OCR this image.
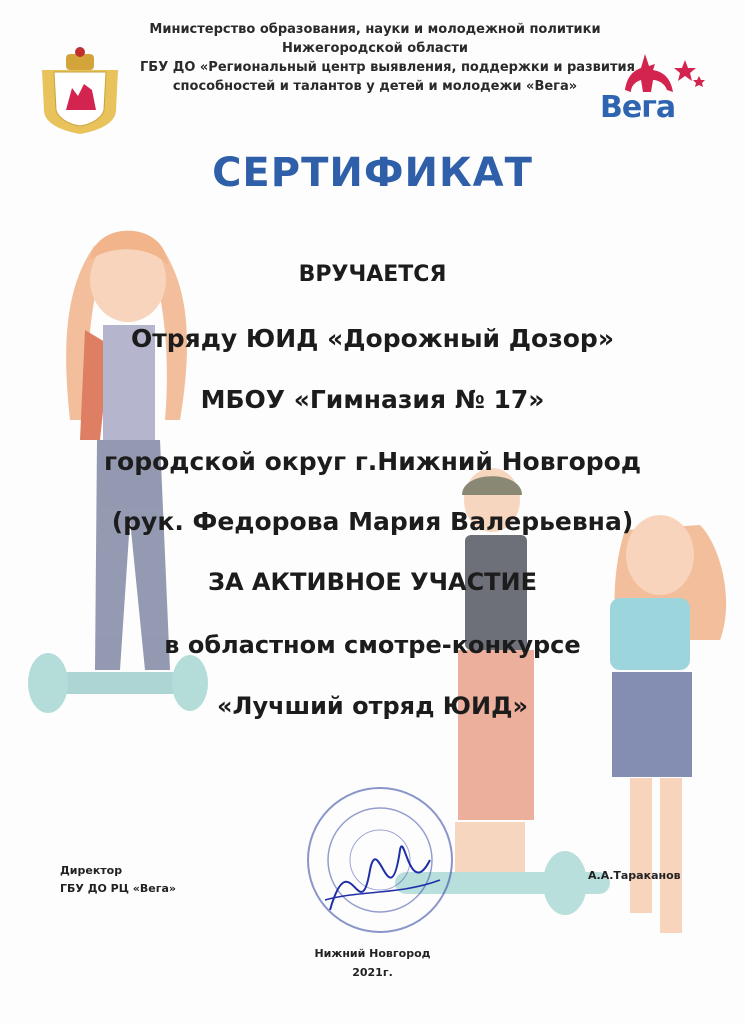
Вега
Министерство образования, науки и молодежной политики
Нижегородской области
ГБУ ДО «Региональный центр выявления, поддержки и развития
способностей и талантов у детей и молодежи «Вега»
СЕРТИФИКАТ
ВРУЧАЕТСЯ
Отряду ЮИД «Дорожный Дозор»
МБОУ «Гимназия № 17»
городской округ г.Нижний Новгород
(рук. Федорова Мария Валерьевна)
ЗА АКТИВНОЕ УЧАСТИЕ
в областном смотре-конкурсе
«Лучший отряд ЮИД»
Директор
ГБУ ДО РЦ «Вега»
А.А.Тараканов
Нижний Новгород
2021г.
